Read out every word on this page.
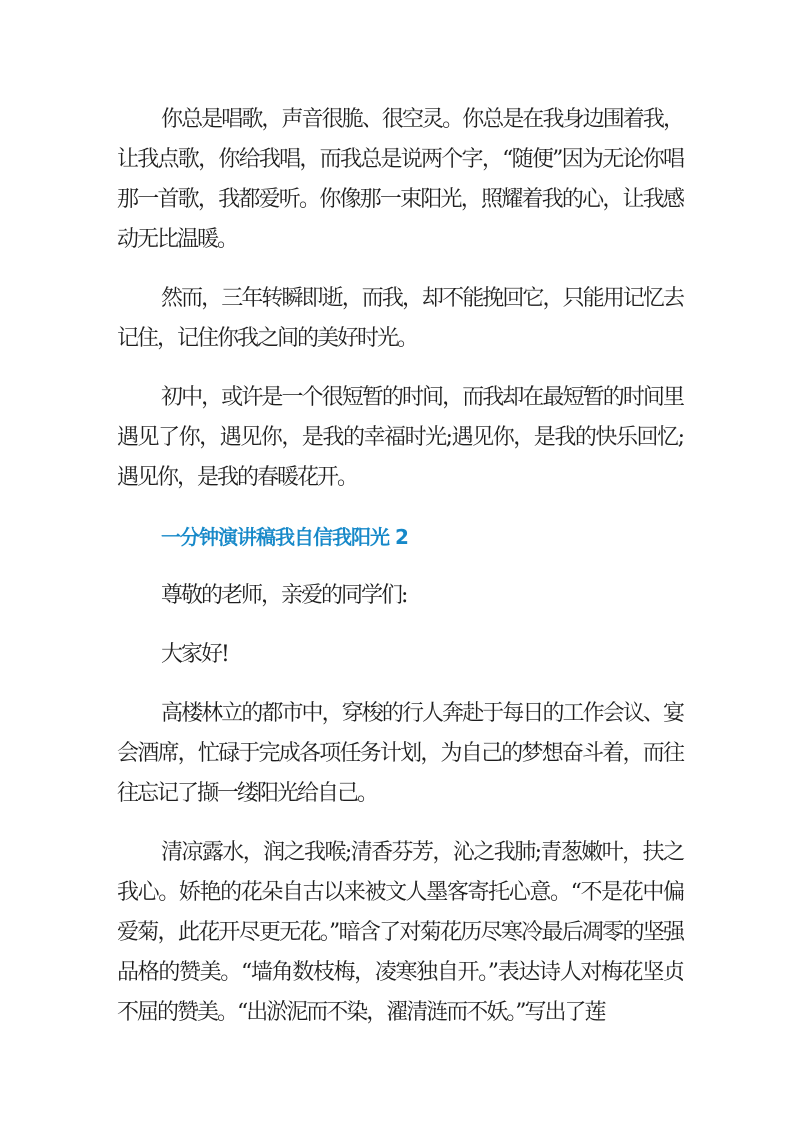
你总是唱歌，声音很脆、很空灵。你总是在我身边围着我，让我点歌，你给我唱，而我总是说两个字，“随便”因为无论你唱那一首歌，我都爱听。你像那一束阳光，照耀着我的心，让我感动无比温暖。

然而，三年转瞬即逝，而我，却不能挽回它，只能用记忆去记住，记住你我之间的美好时光。

初中，或许是一个很短暂的时间，而我却在最短暂的时间里遇见了你，遇见你，是我的幸福时光;遇见你，是我的快乐回忆;遇见你，是我的春暖花开。

一分钟演讲稿我自信我阳光 2

尊敬的老师，亲爱的同学们:

大家好!

高楼林立的都市中，穿梭的行人奔赴于每日的工作会议、宴会酒席，忙碌于完成各项任务计划，为自己的梦想奋斗着，而往往忘记了撷一缕阳光给自己。

清凉露水，润之我喉;清香芬芳，沁之我肺;青葱嫩叶，扶之我心。娇艳的花朵自古以来被文人墨客寄托心意。“不是花中偏爱菊，此花开尽更无花。”暗含了对菊花历尽寒冷最后凋零的坚强品格的赞美。“墙角数枝梅，凌寒独自开。”表达诗人对梅花坚贞不屈的赞美。“出淤泥而不染，濯清涟而不妖。”写出了莲
